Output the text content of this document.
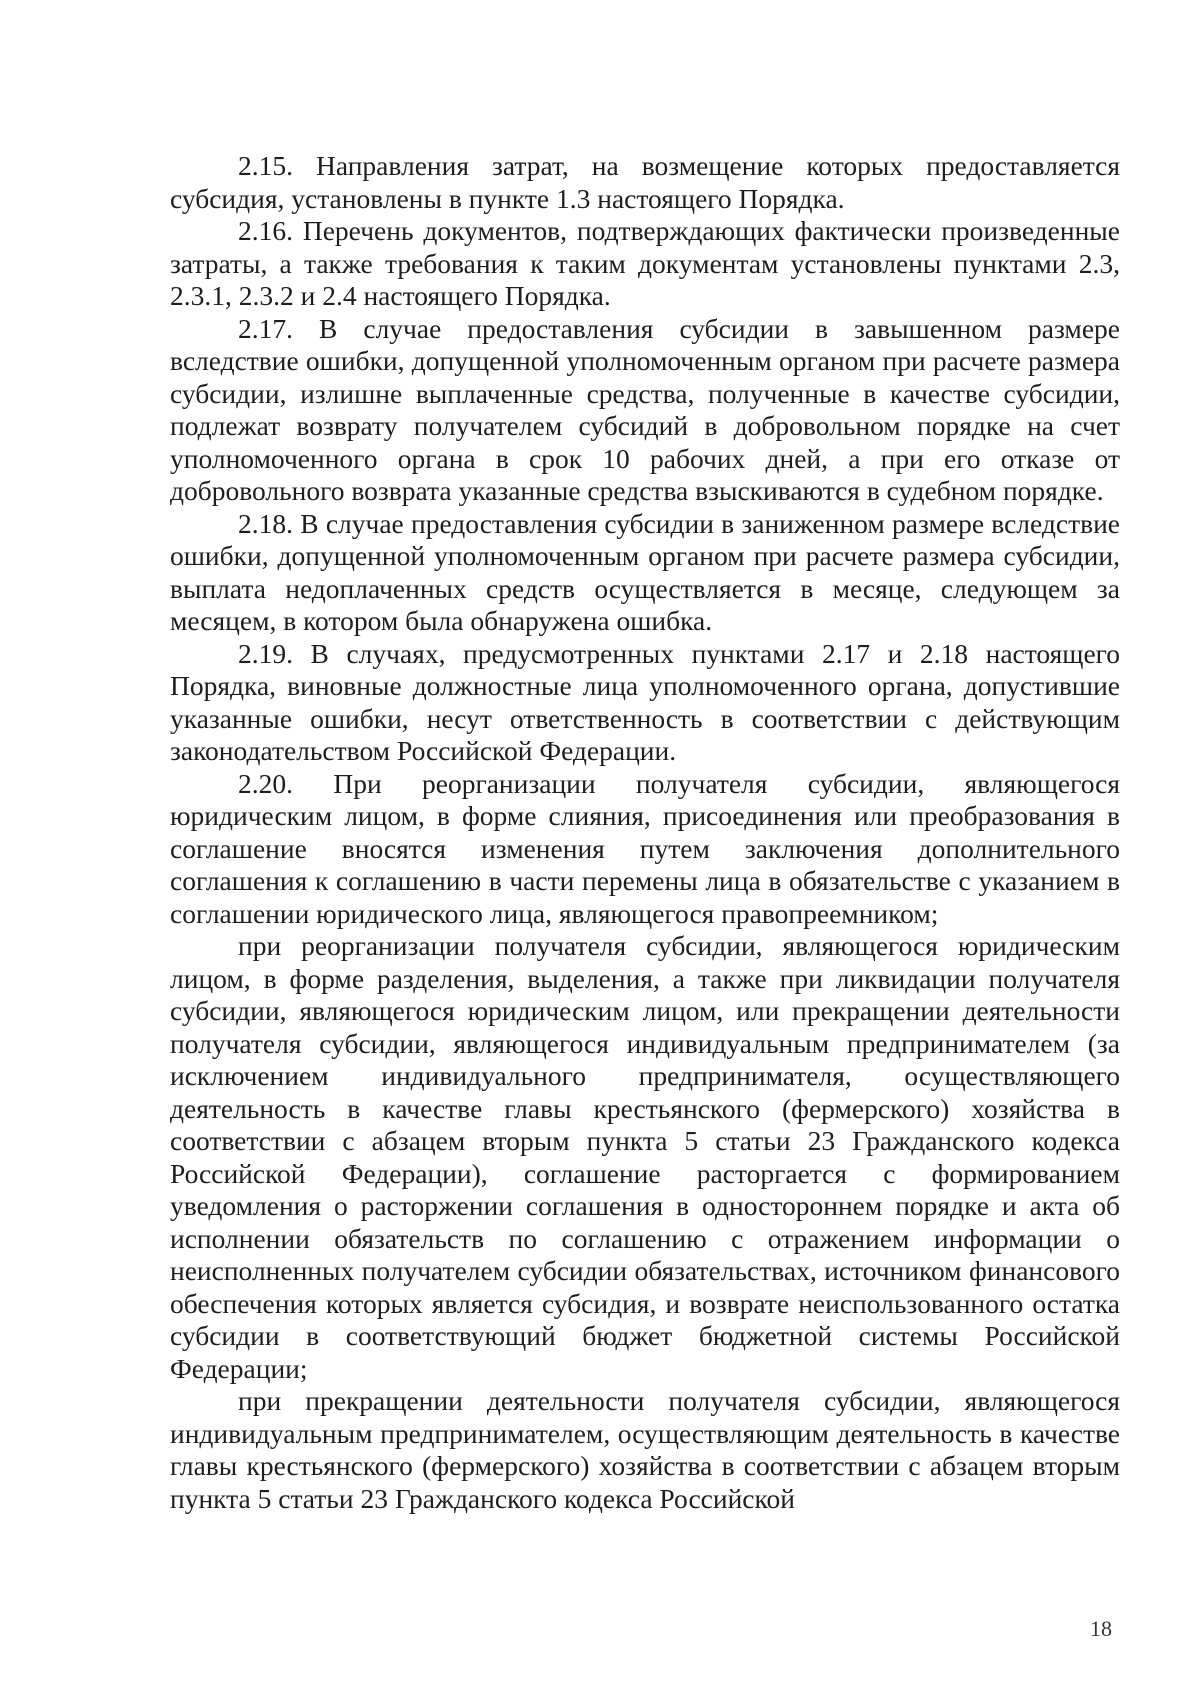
2.15. Направления затрат, на возмещение которых предоставляется субсидия, установлены в пункте 1.3 настоящего Порядка.

2.16. Перечень документов, подтверждающих фактически произведенные затраты, а также требования к таким документам установлены пунктами 2.3, 2.3.1, 2.3.2 и 2.4 настоящего Порядка.

2.17. В случае предоставления субсидии в завышенном размере вследствие ошибки, допущенной уполномоченным органом при расчете размера субсидии, излишне выплаченные средства, полученные в качестве субсидии, подлежат возврату получателем субсидий в добровольном порядке на счет уполномоченного органа в срок 10 рабочих дней, а при его отказе от добровольного возврата указанные средства взыскиваются в судебном порядке.

2.18. В случае предоставления субсидии в заниженном размере вследствие ошибки, допущенной уполномоченным органом при расчете размера субсидии, выплата недоплаченных средств осуществляется в месяце, следующем за месяцем, в котором была обнаружена ошибка.

2.19. В случаях, предусмотренных пунктами 2.17 и 2.18 настоящего Порядка, виновные должностные лица уполномоченного органа, допустившие указанные ошибки, несут ответственность в соответствии с действующим законодательством Российской Федерации.

2.20. При реорганизации получателя субсидии, являющегося юридическим лицом, в форме слияния, присоединения или преобразования в соглашение вносятся изменения путем заключения дополнительного соглашения к соглашению в части перемены лица в обязательстве с указанием в соглашении юридического лица, являющегося правопреемником;

при реорганизации получателя субсидии, являющегося юридическим лицом, в форме разделения, выделения, а также при ликвидации получателя субсидии, являющегося юридическим лицом, или прекращении деятельности получателя субсидии, являющегося индивидуальным предпринимателем (за исключением индивидуального предпринимателя, осуществляющего деятельность в качестве главы крестьянского (фермерского) хозяйства в соответствии с абзацем вторым пункта 5 статьи 23 Гражданского кодекса Российской Федерации), соглашение расторгается с формированием уведомления о расторжении соглашения в одностороннем порядке и акта об исполнении обязательств по соглашению с отражением информации о неисполненных получателем субсидии обязательствах, источником финансового обеспечения которых является субсидия, и возврате неиспользованного остатка субсидии в соответствующий бюджет бюджетной системы Российской Федерации;

при прекращении деятельности получателя субсидии, являющегося индивидуальным предпринимателем, осуществляющим деятельность в качестве главы крестьянского (фермерского) хозяйства в соответствии с абзацем вторым пункта 5 статьи 23 Гражданского кодекса Российской

18
